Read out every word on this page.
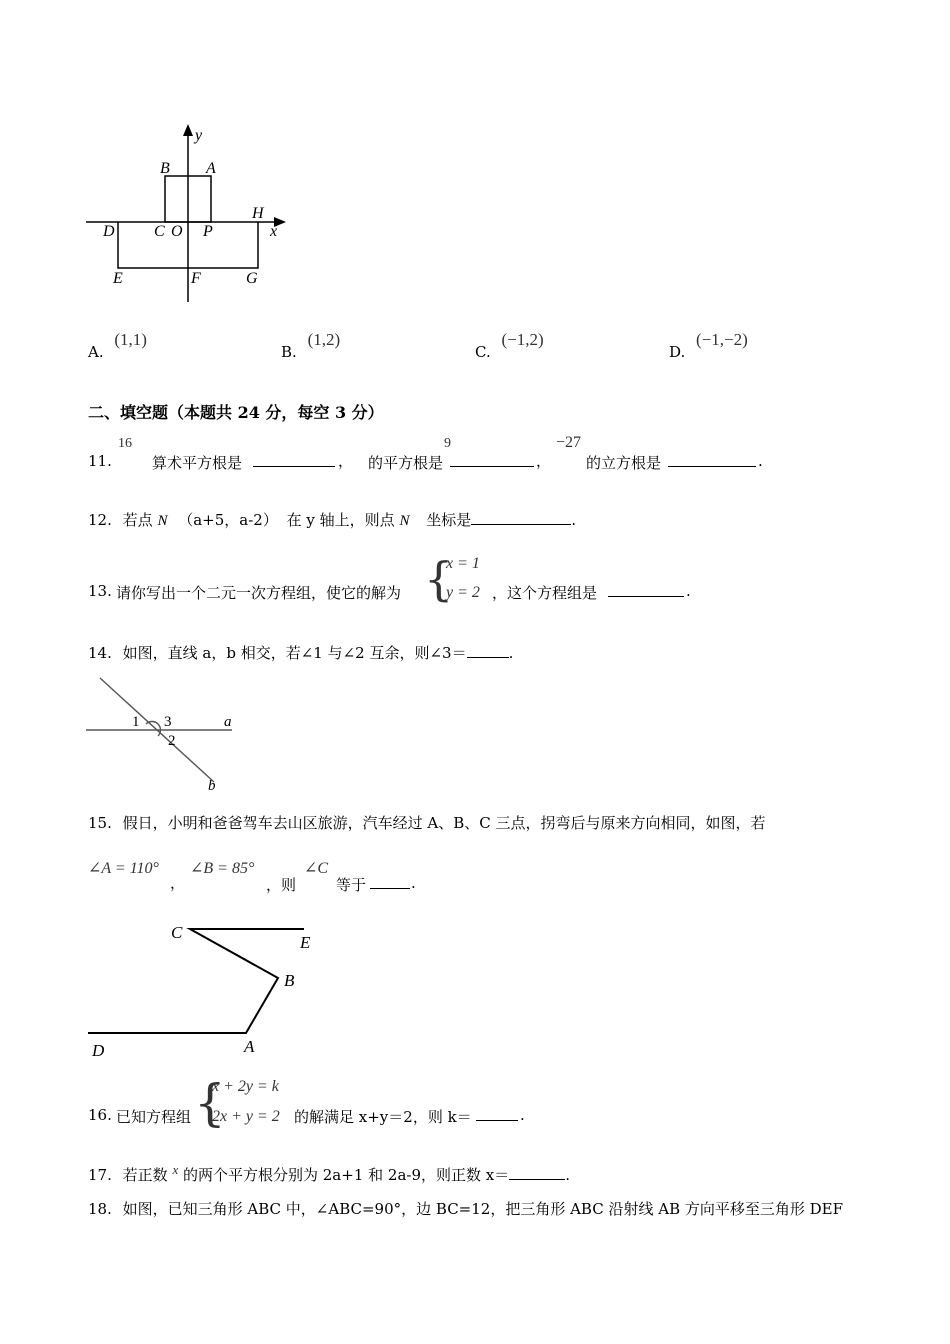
y
B A
H
D C O P	x
E	F	G
A. (1,1)
B. (1,2)
C. (−1,2)
D. (−1,−2)
二、填空题（本题共 24 分，每空 3 分）
11.
16
算术平方根是	，
9
的平方根是	，
−27
的立方根是	.
12. 若点 N （a+5，a-2） 在 y 轴上，则点 N 坐标是	.
13. 请你写出一个二元一次方程组，使它的解为 {
x = 1
y = 2 ，这个方程组是	.
14. 如图，直线 a，b 相交，若∠1 与∠2 互余，则∠3＝	.
1 3
2
a
b
15. 假日，小明和爸爸驾车去山区旅游，汽车经过 A、B、C 三点，拐弯后与原来方向相同，如图，若
∠A = 110°
，
∠B = 85°
，则
∠C
等于	.
C
E
B
D	A
16. 已知方程组 {
x + 2y = k
2x + y = 2 的解满足 x+y＝2，则 k＝	.
17. 若正数 x 的两个平方根分别为 2a+1 和 2a-9，则正数 x＝	.
18. 如图，已知三角形 ABC 中，∠ABC=90°，边 BC=12，把三角形 ABC 沿射线 AB 方向平移至三角形 DEF
